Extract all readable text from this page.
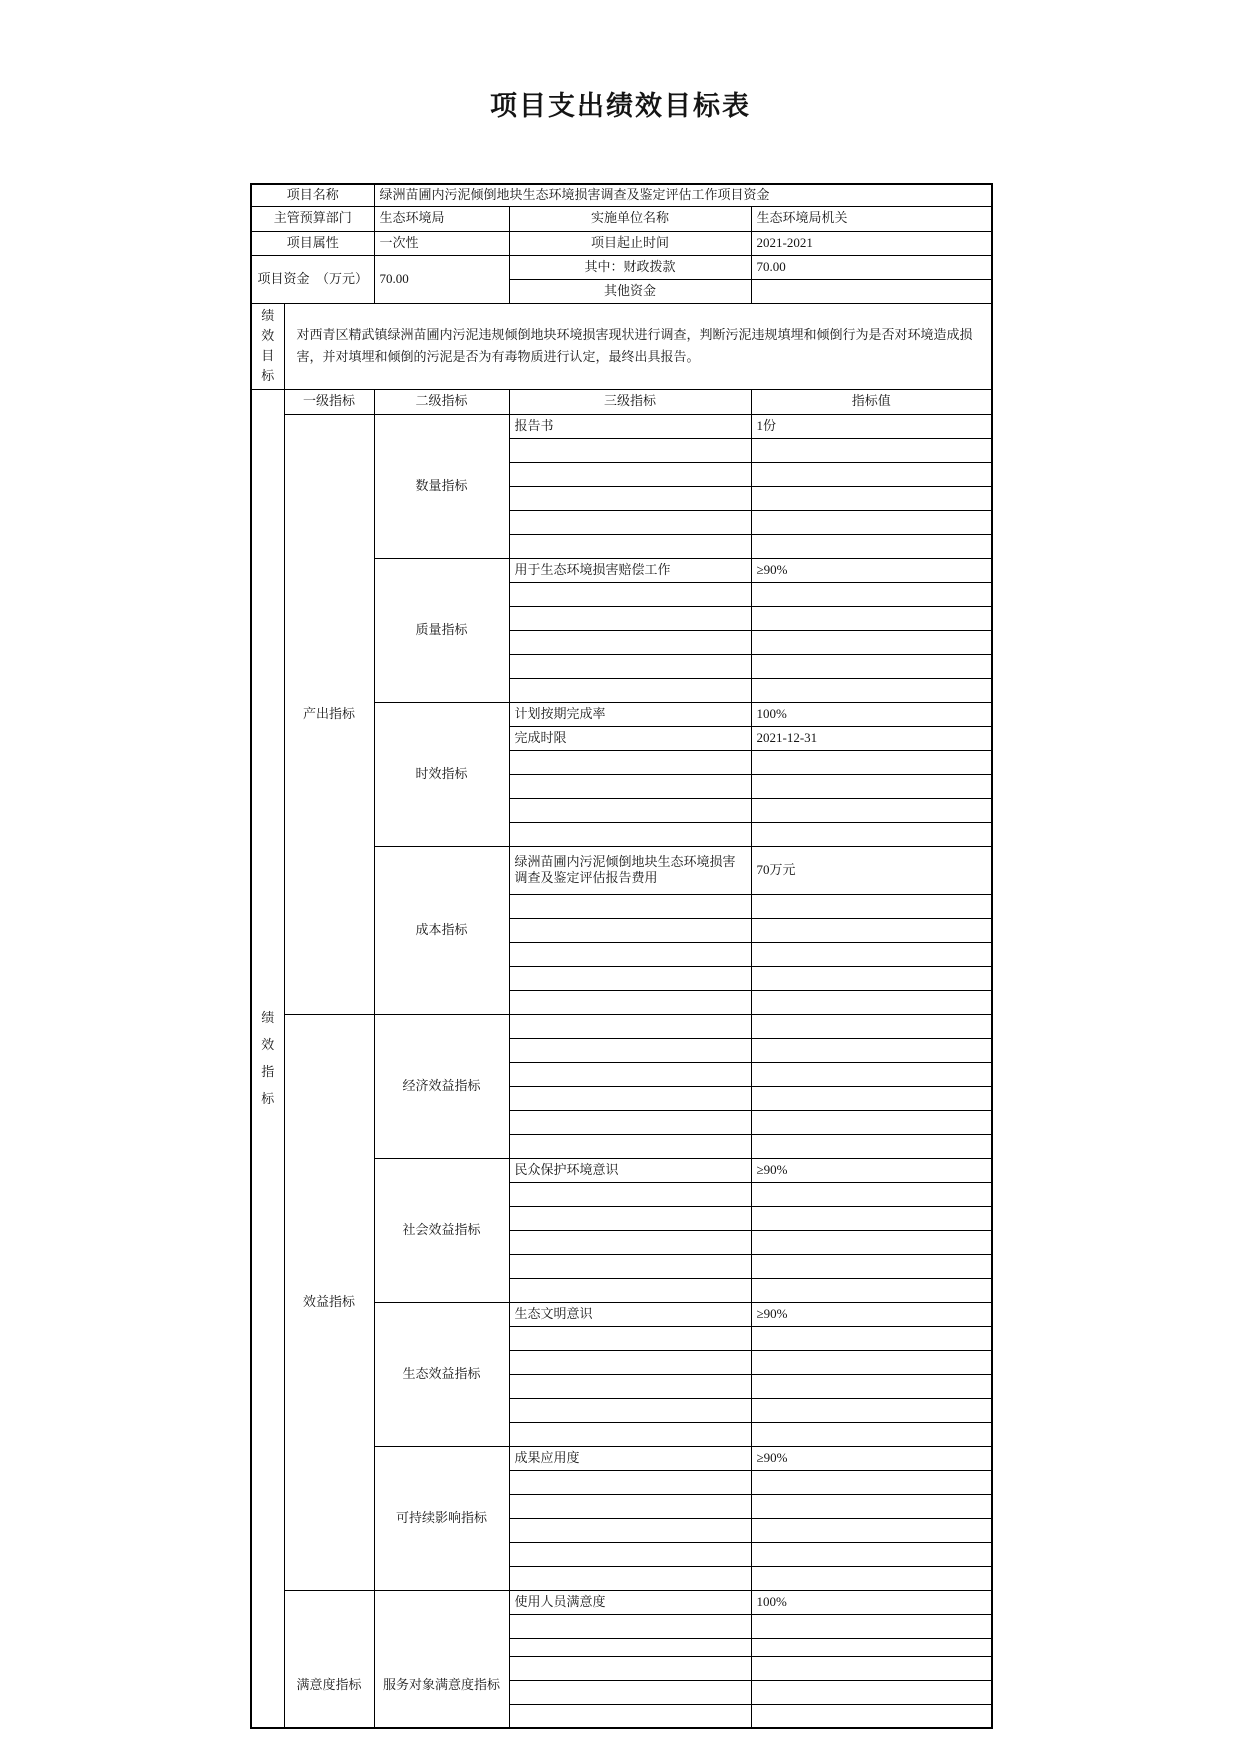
项目支出绩效目标表
项目名称		绿洲苗圃内污泥倾倒地块生态环境损害调查及鉴定评估工作项目资金		
主管预算部门		生态环境局	实施单位名称	生态环境局机关
项目属性		一次性	项目起止时间	2021-2021
项目资金　（万元）		70.00	其中：财政拨款	70.00
			其他资金	

绩效目标	对西青区精武镇绿洲苗圃内污泥违规倾倒地块环境损害现状进行调查，判断污泥违规填埋和倾倒行为是否对环境造成损害，并对填埋和倾倒的污泥是否为有毒物质进行认定，最终出具报告。			

绩效指标	一级指标	二级指标	三级指标	指标值

	产出指标	数量指标	报告书	1份

		质量指标	用于生态环境损害赔偿工作	≥90%

		时效指标	计划按期完成率	100%
			完成时限	2021-12-31

		成本指标	绿洲苗圃内污泥倾倒地块生态环境损害调查及鉴定评估报告费用	70万元

	效益指标	经济效益指标		

		社会效益指标	民众保护环境意识	≥90%

		生态效益指标	生态文明意识	≥90%

		可持续影响指标	成果应用度	≥90%

	满意度指标	服务对象满意度指标	使用人员满意度	100%
